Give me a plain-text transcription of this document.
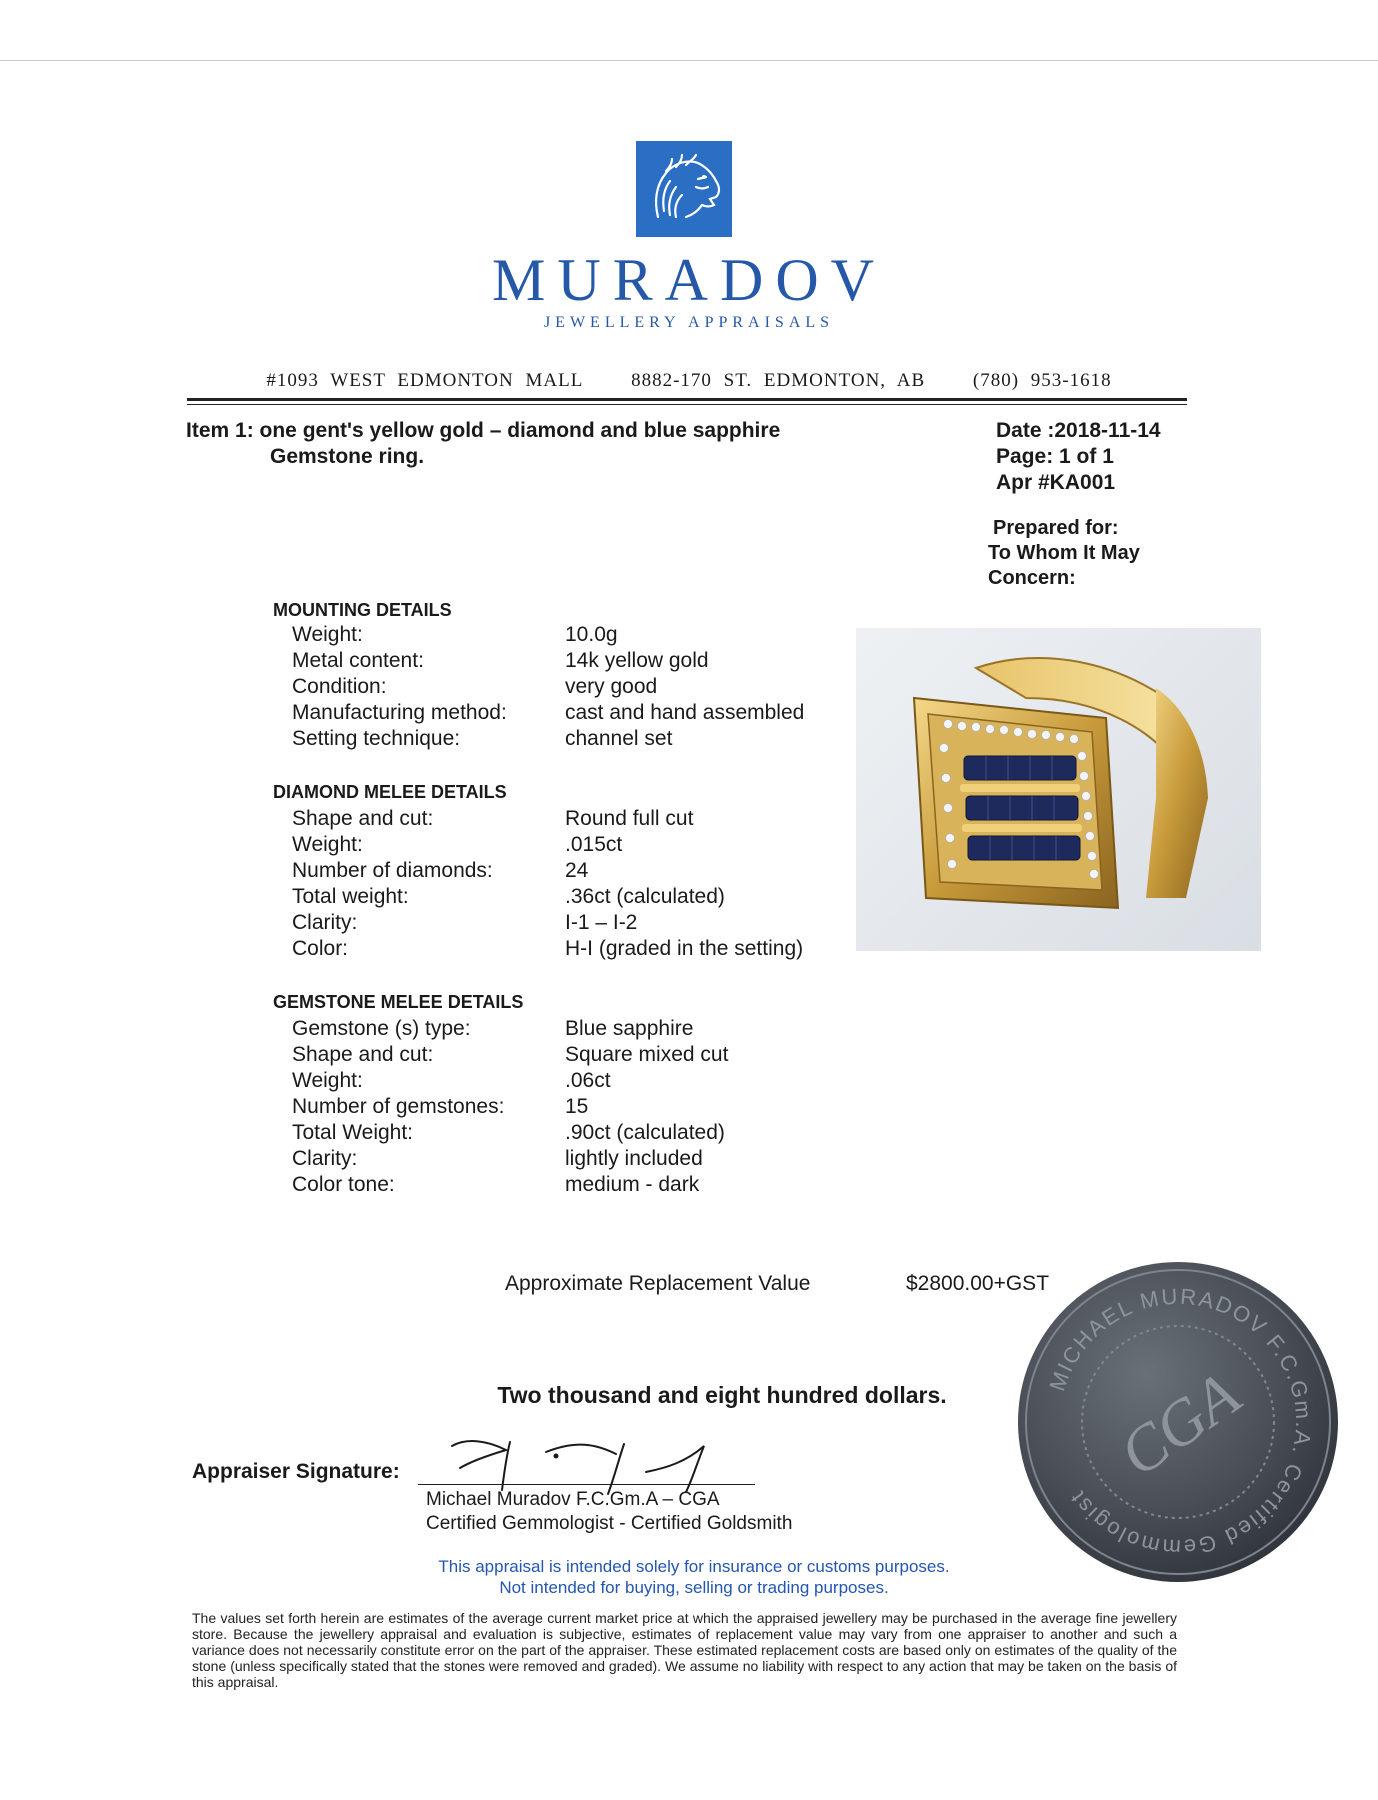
MURADOV
JEWELLERY APPRAISALS
#1093 WEST EDMONTON MALL	8882-170 ST. EDMONTON, AB	(780) 953-1618
Item 1: one gent's yellow gold – diamond and blue sapphire
Gemstone ring.
Date :2018-11-14
Page: 1 of 1
Apr #KA001
Prepared for:
To Whom It May
Concern:
MOUNTING DETAILS
Weight:	10.0g
Metal content:	14k yellow gold
Condition:	very good
Manufacturing method:	cast and hand assembled
Setting technique:	channel set
DIAMOND MELEE DETAILS
Shape and cut:	Round full cut
Weight:	.015ct
Number of diamonds:	24
Total weight:	.36ct (calculated)
Clarity:	I-1 – I-2
Color:	H-I (graded in the setting)
GEMSTONE MELEE DETAILS
Gemstone (s) type:	Blue sapphire
Shape and cut:	Square mixed cut
Weight:	.06ct
Number of gemstones:	15
Total Weight:	.90ct (calculated)
Clarity:	lightly included
Color tone:	medium - dark
Approximate Replacement Value	$2800.00+GST
Two thousand and eight hundred dollars.
Appraiser Signature:
Michael Muradov F.C.Gm.A – CGA
Certified Gemmologist - Certified Goldsmith
This appraisal is intended solely for insurance or customs purposes.
Not intended for buying, selling or trading purposes.
The values set forth herein are estimates of the average current market price at which the appraised jewellery may be purchased in the average fine jewellery store. Because the jewellery appraisal and evaluation is subjective, estimates of replacement value may vary from one appraiser to another and such a variance does not necessarily constitute error on the part of the appraiser. These estimated replacement costs are based only on estimates of the quality of the stone (unless specifically stated that the stones were removed and graded). We assume no liability with respect to any action that may be taken on the basis of this appraisal.
MICHAEL MURADOV F.C.Gm.A. Certified Gemmologist
CGA
